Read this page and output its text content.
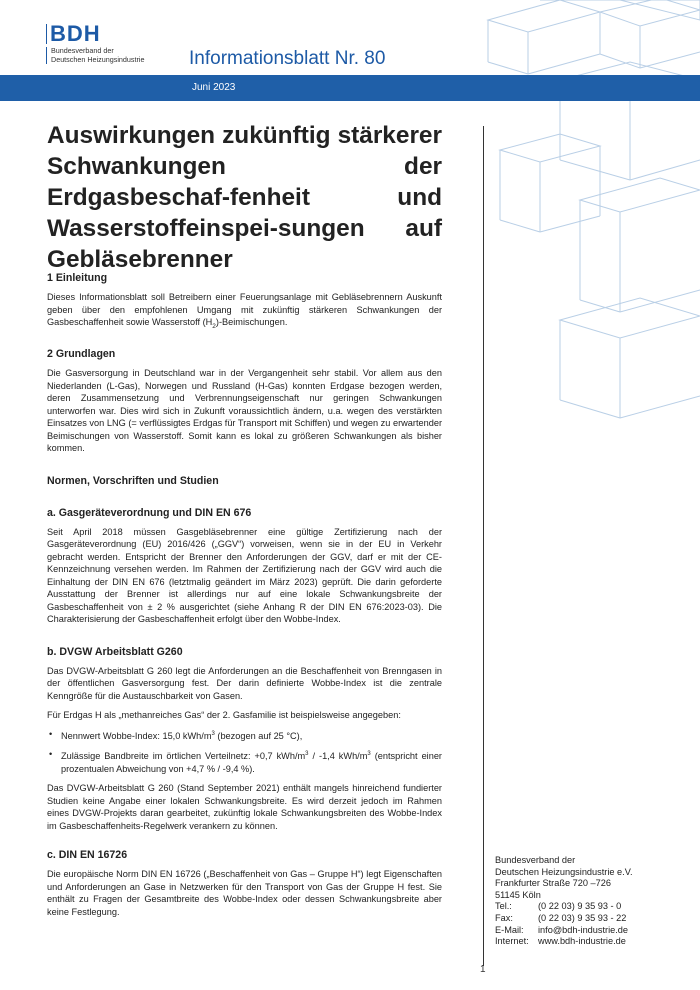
BDH
Bundesverband der
Deutschen Heizungsindustrie Informationsblatt Nr. 80
Juni 2023
Auswirkungen zukünftig stärkerer Schwankungen der Erdgasbeschaf-fenheit und Wasserstoffeinspei-sungen auf Gebläsebrenner
1 Einleitung

Dieses Informationsblatt soll Betreibern einer Feuerungsanlage mit Gebläsebrennern Auskunft geben über den empfohlenen Umgang mit zukünftig stärkeren Schwankungen der Gasbeschaffenheit sowie Wasserstoff $(H_2)$-Beimischungen.

2 Grundlagen

Die Gasversorgung in Deutschland war in der Vergangenheit sehr stabil. Vor allem aus den Niederlanden (L-Gas), Norwegen und Russland (H-Gas) konnten Erdgase bezogen werden, deren Zusammensetzung und Verbrennungseigenschaft nur geringen Schwankungen unterworfen war. Dies wird sich in Zukunft voraussichtlich ändern, u.a. wegen des verstärkten Einsatzes von LNG (= verflüssigtes Erdgas für Transport mit Schiffen) und wegen zu erwartender Beimischungen von Wasserstoff. Somit kann es lokal zu größeren Schwankungen als bisher kommen.

Normen, Vorschriften und Studien
a. Gasgeräteverordnung und DIN EN 676

Seit April 2018 müssen Gasgebläsebrenner eine gültige Zertifizierung nach der Gasgeräteverordnung (EU) 2016/426 („GGV“) vorweisen, wenn sie in der EU in Verkehr gebracht werden. Entspricht der Brenner den Anforderungen der GGV, darf er mit der CE-Kennzeichnung versehen werden. Im Rahmen der Zertifizierung nach der GGV wird auch die Einhaltung der DIN EN 676 (letztmalig geändert im März 2023) geprüft. Die darin geforderte Ausstattung der Brenner ist allerdings nur auf eine lokale Schwankungsbreite der Gasbeschaffenheit von ± 2 % ausgerichtet (siehe Anhang R der DIN EN 676:2023-03). Die Charakterisierung der Gasbeschaffenheit erfolgt über den Wobbe-Index.

b. DVGW Arbeitsblatt G260

Das DVGW-Arbeitsblatt G 260 legt die Anforderungen an die Beschaffenheit von Brenngasen in der öffentlichen Gasversorgung fest. Der darin definierte Wobbe-Index ist die zentrale Kenngröße für die Austauschbarkeit von Gasen.

Für Erdgas H als „methanreiches Gas“ der 2. Gasfamilie ist beispielsweise angegeben:

• Nennwert Wobbe-Index: 15,0 kWh/$m^3$ (bezogen auf 25 °C),
• Zulässige Bandbreite im örtlichen Verteilnetz: +0,7 kWh/$m^3 / -1,4$ kWh/$m^3$ (entspricht einer prozentualen Abweichung von +4,7 % / -9,4 %).

Das DVGW-Arbeitsblatt G 260 (Stand September 2021) enthält mangels hinreichend fundierter Studien keine Angabe einer lokalen Schwankungsbreite. Es wird derzeit jedoch im Rahmen eines DVGW-Projekts daran gearbeitet, zukünftig lokale Schwankungsbreiten des Wobbe-Index im Gasbeschaffenheits-Regelwerk verankern zu können.

c. DIN EN 16726

Die europäische Norm DIN EN 16726 („Beschaffenheit von Gas – Gruppe H“) legt Eigenschaften und Anforderungen an Gase in Netzwerken für den Transport von Gas der Gruppe H fest. Sie enthält zu Fragen der Gesamtbreite des Wobbe-Index oder dessen Schwankungsbreite aber keine Festlegung.

Bundesverband der
Deutschen Heizungsindustrie e.V.
Frankfurter Straße 720 –726
51145 Köln
Tel.:	(0 22 03) 9 35 93 - 0
Fax:	(0 22 03) 9 35 93 - 22
E-Mail: info@bdh-industrie.de
Internet: www.bdh-industrie.de
1
